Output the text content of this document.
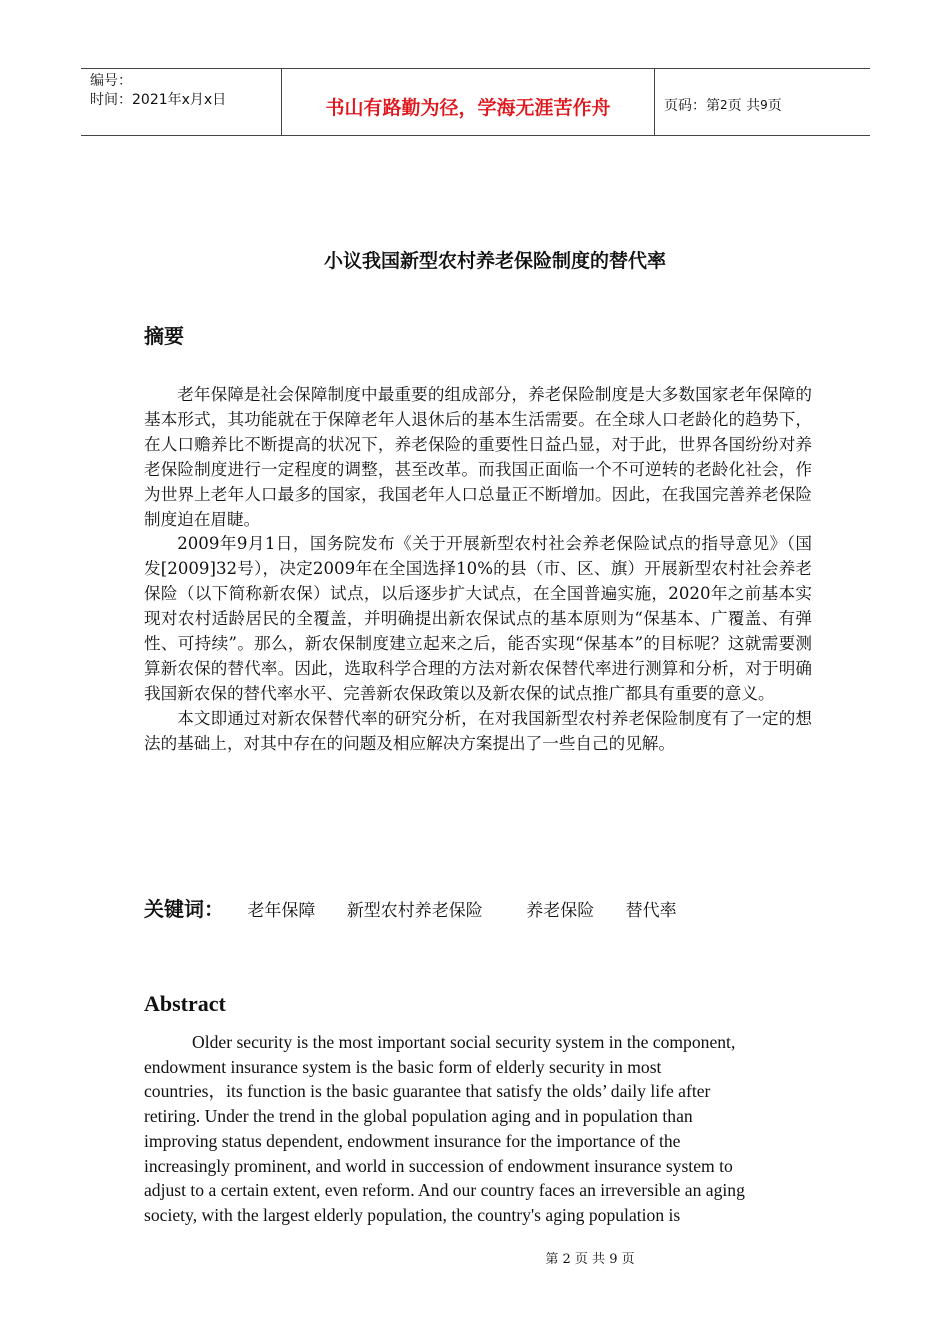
编号：
时间：2021年x月x日	书山有路勤为径，学海无涯苦作舟	页码：第 2 页 共 9 页
小议我国新型农村养老保险制度的替代率
摘要

老年保障是社会保障制度中最重要的组成部分，养老保险制度是大多数国家老年保障的基本形式，其功能就在于保障老年人退休后的基本生活需要。在全球人口老龄化的趋势下，在人口赡养比不断提高的状况下，养老保险的重要性日益凸显，对于此，世界各国纷纷对养老保险制度进行一定程度的调整，甚至改革。而我国正面临一个不可逆转的老龄化社会，作为世界上老年人口最多的国家，我国老年人口总量正不断增加。因此，在我国完善养老保险制度迫在眉睫。

2009年9月1日，国务院发布《关于开展新型农村社会养老保险试点的指导意见》（国发[2009]32号），决定2009年在全国选择10%的县（市、区、旗）开展新型农村社会养老保险（以下简称新农保）试点，以后逐步扩大试点，在全国普遍实施，2020年之前基本实现对农村适龄居民的全覆盖，并明确提出新农保试点的基本原则为“保基本、广覆盖、有弹性、可持续”。那么，新农保制度建立起来之后，能否实现“保基本”的目标呢？这就需要测算新农保的替代率。因此，选取科学合理的方法对新农保替代率进行测算和分析，对于明确我国新农保的替代率水平、完善新农保政策以及新农保的试点推广都具有重要的意义。

本文即通过对新农保替代率的研究分析，在对我国新型农村养老保险制度有了一定的想法的基础上，对其中存在的问题及相应解决方案提出了一些自己的见解。

关键词： 老年保障 新型农村养老保险	养老保险 替代率
Abstract
Older security is the most important social security system in the component,
endowment insurance system is the basic form of elderly security in most
countries，its function is the basic guarantee that satisfy the olds’ daily life after
retiring. Under the trend in the global population aging and in population than
improving status dependent, endowment insurance for the importance of the
increasingly prominent, and world in succession of endowment insurance system to
adjust to a certain extent, even reform. And our country faces an irreversible an aging
society, with the largest elderly population, the country's aging population is
第 2 页 共 9 页
